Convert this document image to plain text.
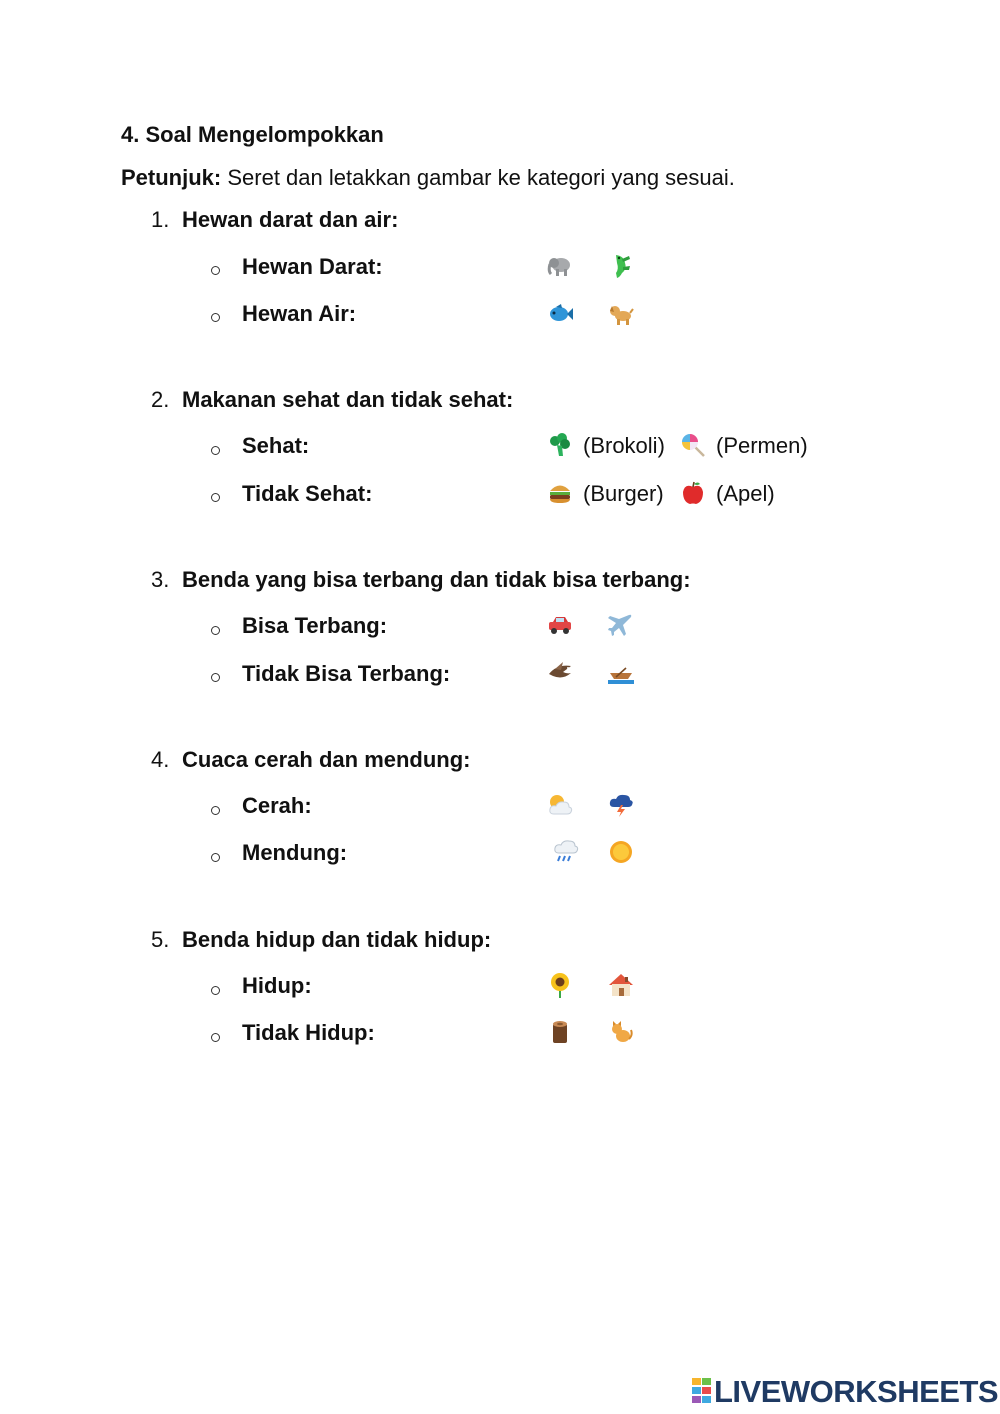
4. Soal Mengelompokkan
Petunjuk: Seret dan letakkan gambar ke kategori yang sesuai.
1. Hewan darat dan air:
Hewan Darat:
Hewan Air:
2. Makanan sehat dan tidak sehat:
Sehat:	(Brokoli) (Permen)
Tidak Sehat:	(Burger) (Apel)
3. Benda yang bisa terbang dan tidak bisa terbang:
Bisa Terbang:
Tidak Bisa Terbang:
4. Cuaca cerah dan mendung:
Cerah:
Mendung:
5. Benda hidup dan tidak hidup:
Hidup:
Tidak Hidup:
LIVEWORKSHEETS
